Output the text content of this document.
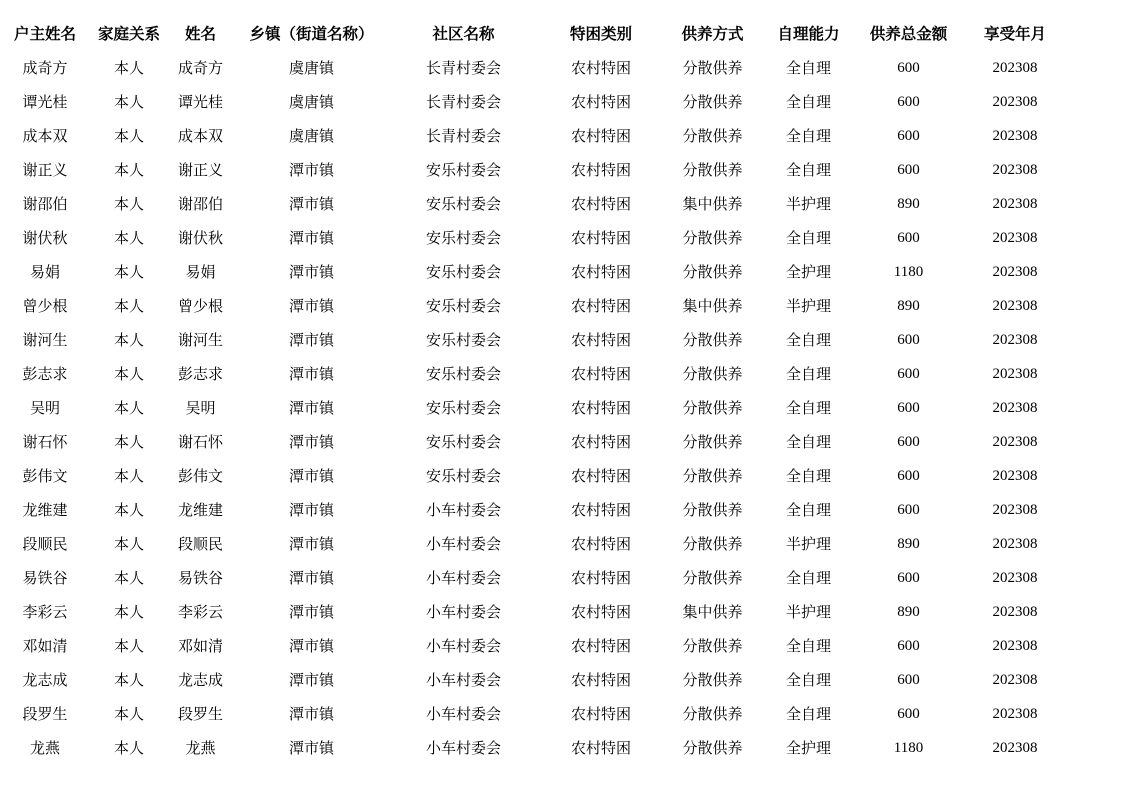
户主姓名	家庭关系	姓名	乡镇（街道名称）	社区名称	特困类别	供养方式	自理能力	供养总金额	享受年月
成奇方	本人	成奇方	虞唐镇	长青村委会	农村特困	分散供养	全自理	600	202308
谭光桂	本人	谭光桂	虞唐镇	长青村委会	农村特困	分散供养	全自理	600	202308
成本双	本人	成本双	虞唐镇	长青村委会	农村特困	分散供养	全自理	600	202308
谢正义	本人	谢正义	潭市镇	安乐村委会	农村特困	分散供养	全自理	600	202308
谢邵伯	本人	谢邵伯	潭市镇	安乐村委会	农村特困	集中供养	半护理	890	202308
谢伏秋	本人	谢伏秋	潭市镇	安乐村委会	农村特困	分散供养	全自理	600	202308
易娟	本人	易娟	潭市镇	安乐村委会	农村特困	分散供养	全护理	1180	202308
曾少根	本人	曾少根	潭市镇	安乐村委会	农村特困	集中供养	半护理	890	202308
谢河生	本人	谢河生	潭市镇	安乐村委会	农村特困	分散供养	全自理	600	202308
彭志求	本人	彭志求	潭市镇	安乐村委会	农村特困	分散供养	全自理	600	202308
吴明	本人	吴明	潭市镇	安乐村委会	农村特困	分散供养	全自理	600	202308
谢石怀	本人	谢石怀	潭市镇	安乐村委会	农村特困	分散供养	全自理	600	202308
彭伟文	本人	彭伟文	潭市镇	安乐村委会	农村特困	分散供养	全自理	600	202308
龙维建	本人	龙维建	潭市镇	小车村委会	农村特困	分散供养	全自理	600	202308
段顺民	本人	段顺民	潭市镇	小车村委会	农村特困	分散供养	半护理	890	202308
易铁谷	本人	易铁谷	潭市镇	小车村委会	农村特困	分散供养	全自理	600	202308
李彩云	本人	李彩云	潭市镇	小车村委会	农村特困	集中供养	半护理	890	202308
邓如清	本人	邓如清	潭市镇	小车村委会	农村特困	分散供养	全自理	600	202308
龙志成	本人	龙志成	潭市镇	小车村委会	农村特困	分散供养	全自理	600	202308
段罗生	本人	段罗生	潭市镇	小车村委会	农村特困	分散供养	全自理	600	202308
龙燕	本人	龙燕	潭市镇	小车村委会	农村特困	分散供养	全护理	1180	202308
